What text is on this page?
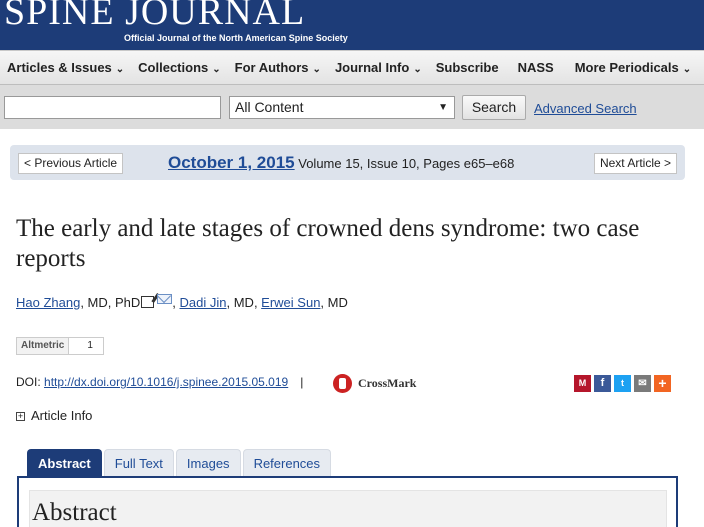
SPINE JOURNAL
Official Journal of the North American Spine Society
Articles & Issues ⌄ Collections ⌄ For Authors ⌄ Journal Info ⌄ Subscribe NASS More Periodicals ⌄
All Content	▼	Search	Advanced Search
< Previous Article	October 1, 2015 Volume 15, Issue 10, Pages e65–e68	Next Article >
The early and late stages of crowned dens syndrome: two case reports
Hao Zhang, MD, PhD , Dadi Jin, MD, Erwei Sun, MD
Altmetric	1
DOI: http://dx.doi.org/10.1016/j.spinee.2015.05.019 |	CrossMark	M	f	t	✉ +
+ Article Info
Abstract	Full Text	Images	References
Abstract
